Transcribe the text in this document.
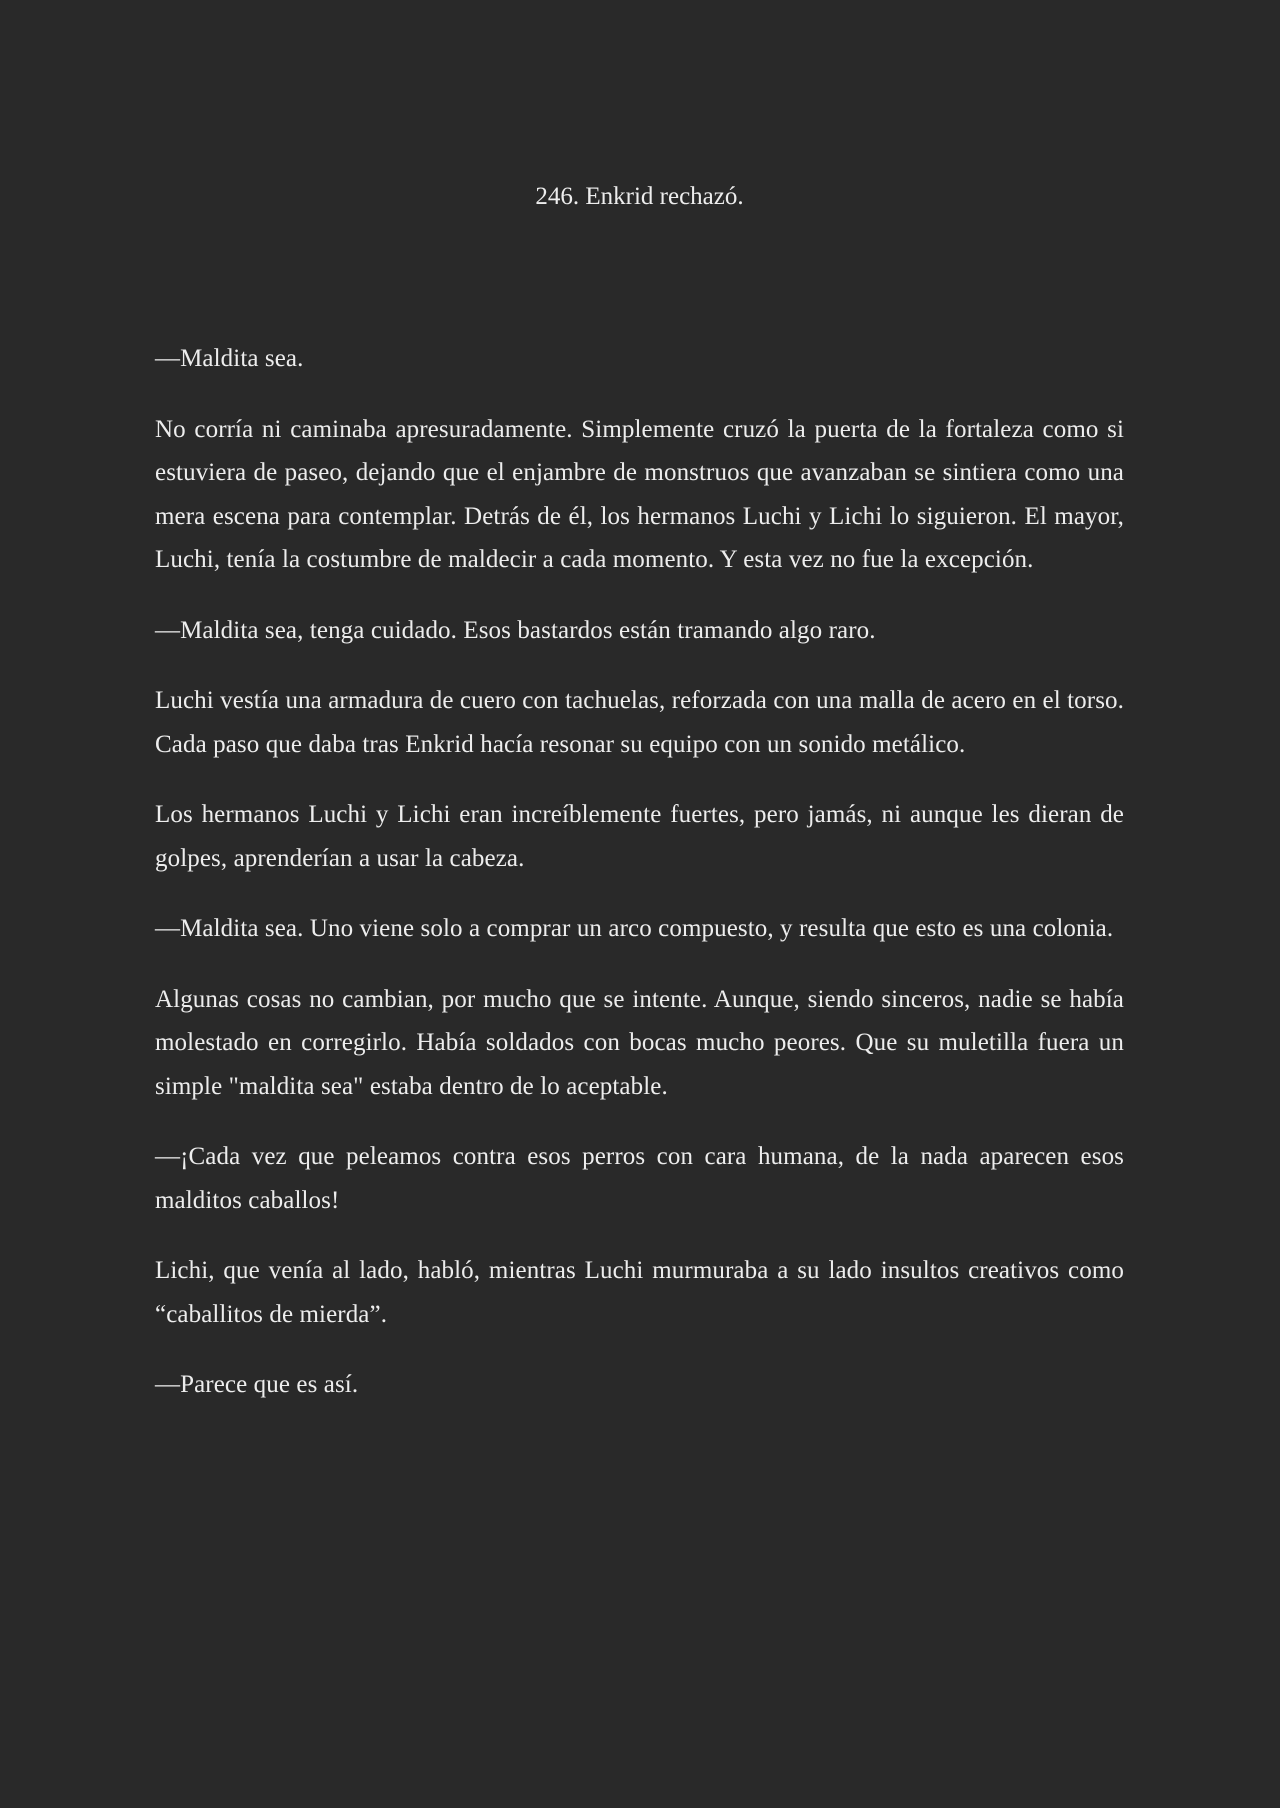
246. Enkrid rechazó.

—Maldita sea.

No corría ni caminaba apresuradamente. Simplemente cruzó la puerta de la fortaleza como si estuviera de paseo, dejando que el enjambre de monstruos que avanzaban se sintiera como una mera escena para contemplar. Detrás de él, los hermanos Luchi y Lichi lo siguieron. El mayor, Luchi, tenía la costumbre de maldecir a cada momento. Y esta vez no fue la excepción.

—Maldita sea, tenga cuidado. Esos bastardos están tramando algo raro.

Luchi vestía una armadura de cuero con tachuelas, reforzada con una malla de acero en el torso. Cada paso que daba tras Enkrid hacía resonar su equipo con un sonido metálico.

Los hermanos Luchi y Lichi eran increíblemente fuertes, pero jamás, ni aunque les dieran de golpes, aprenderían a usar la cabeza.

—Maldita sea. Uno viene solo a comprar un arco compuesto, y resulta que esto es una colonia.

Algunas cosas no cambian, por mucho que se intente. Aunque, siendo sinceros, nadie se había molestado en corregirlo. Había soldados con bocas mucho peores. Que su muletilla fuera un simple "maldita sea" estaba dentro de lo aceptable.

—¡Cada vez que peleamos contra esos perros con cara humana, de la nada aparecen esos malditos caballos!

Lichi, que venía al lado, habló, mientras Luchi murmuraba a su lado insultos creativos como “caballitos de mierda”.

—Parece que es así.
